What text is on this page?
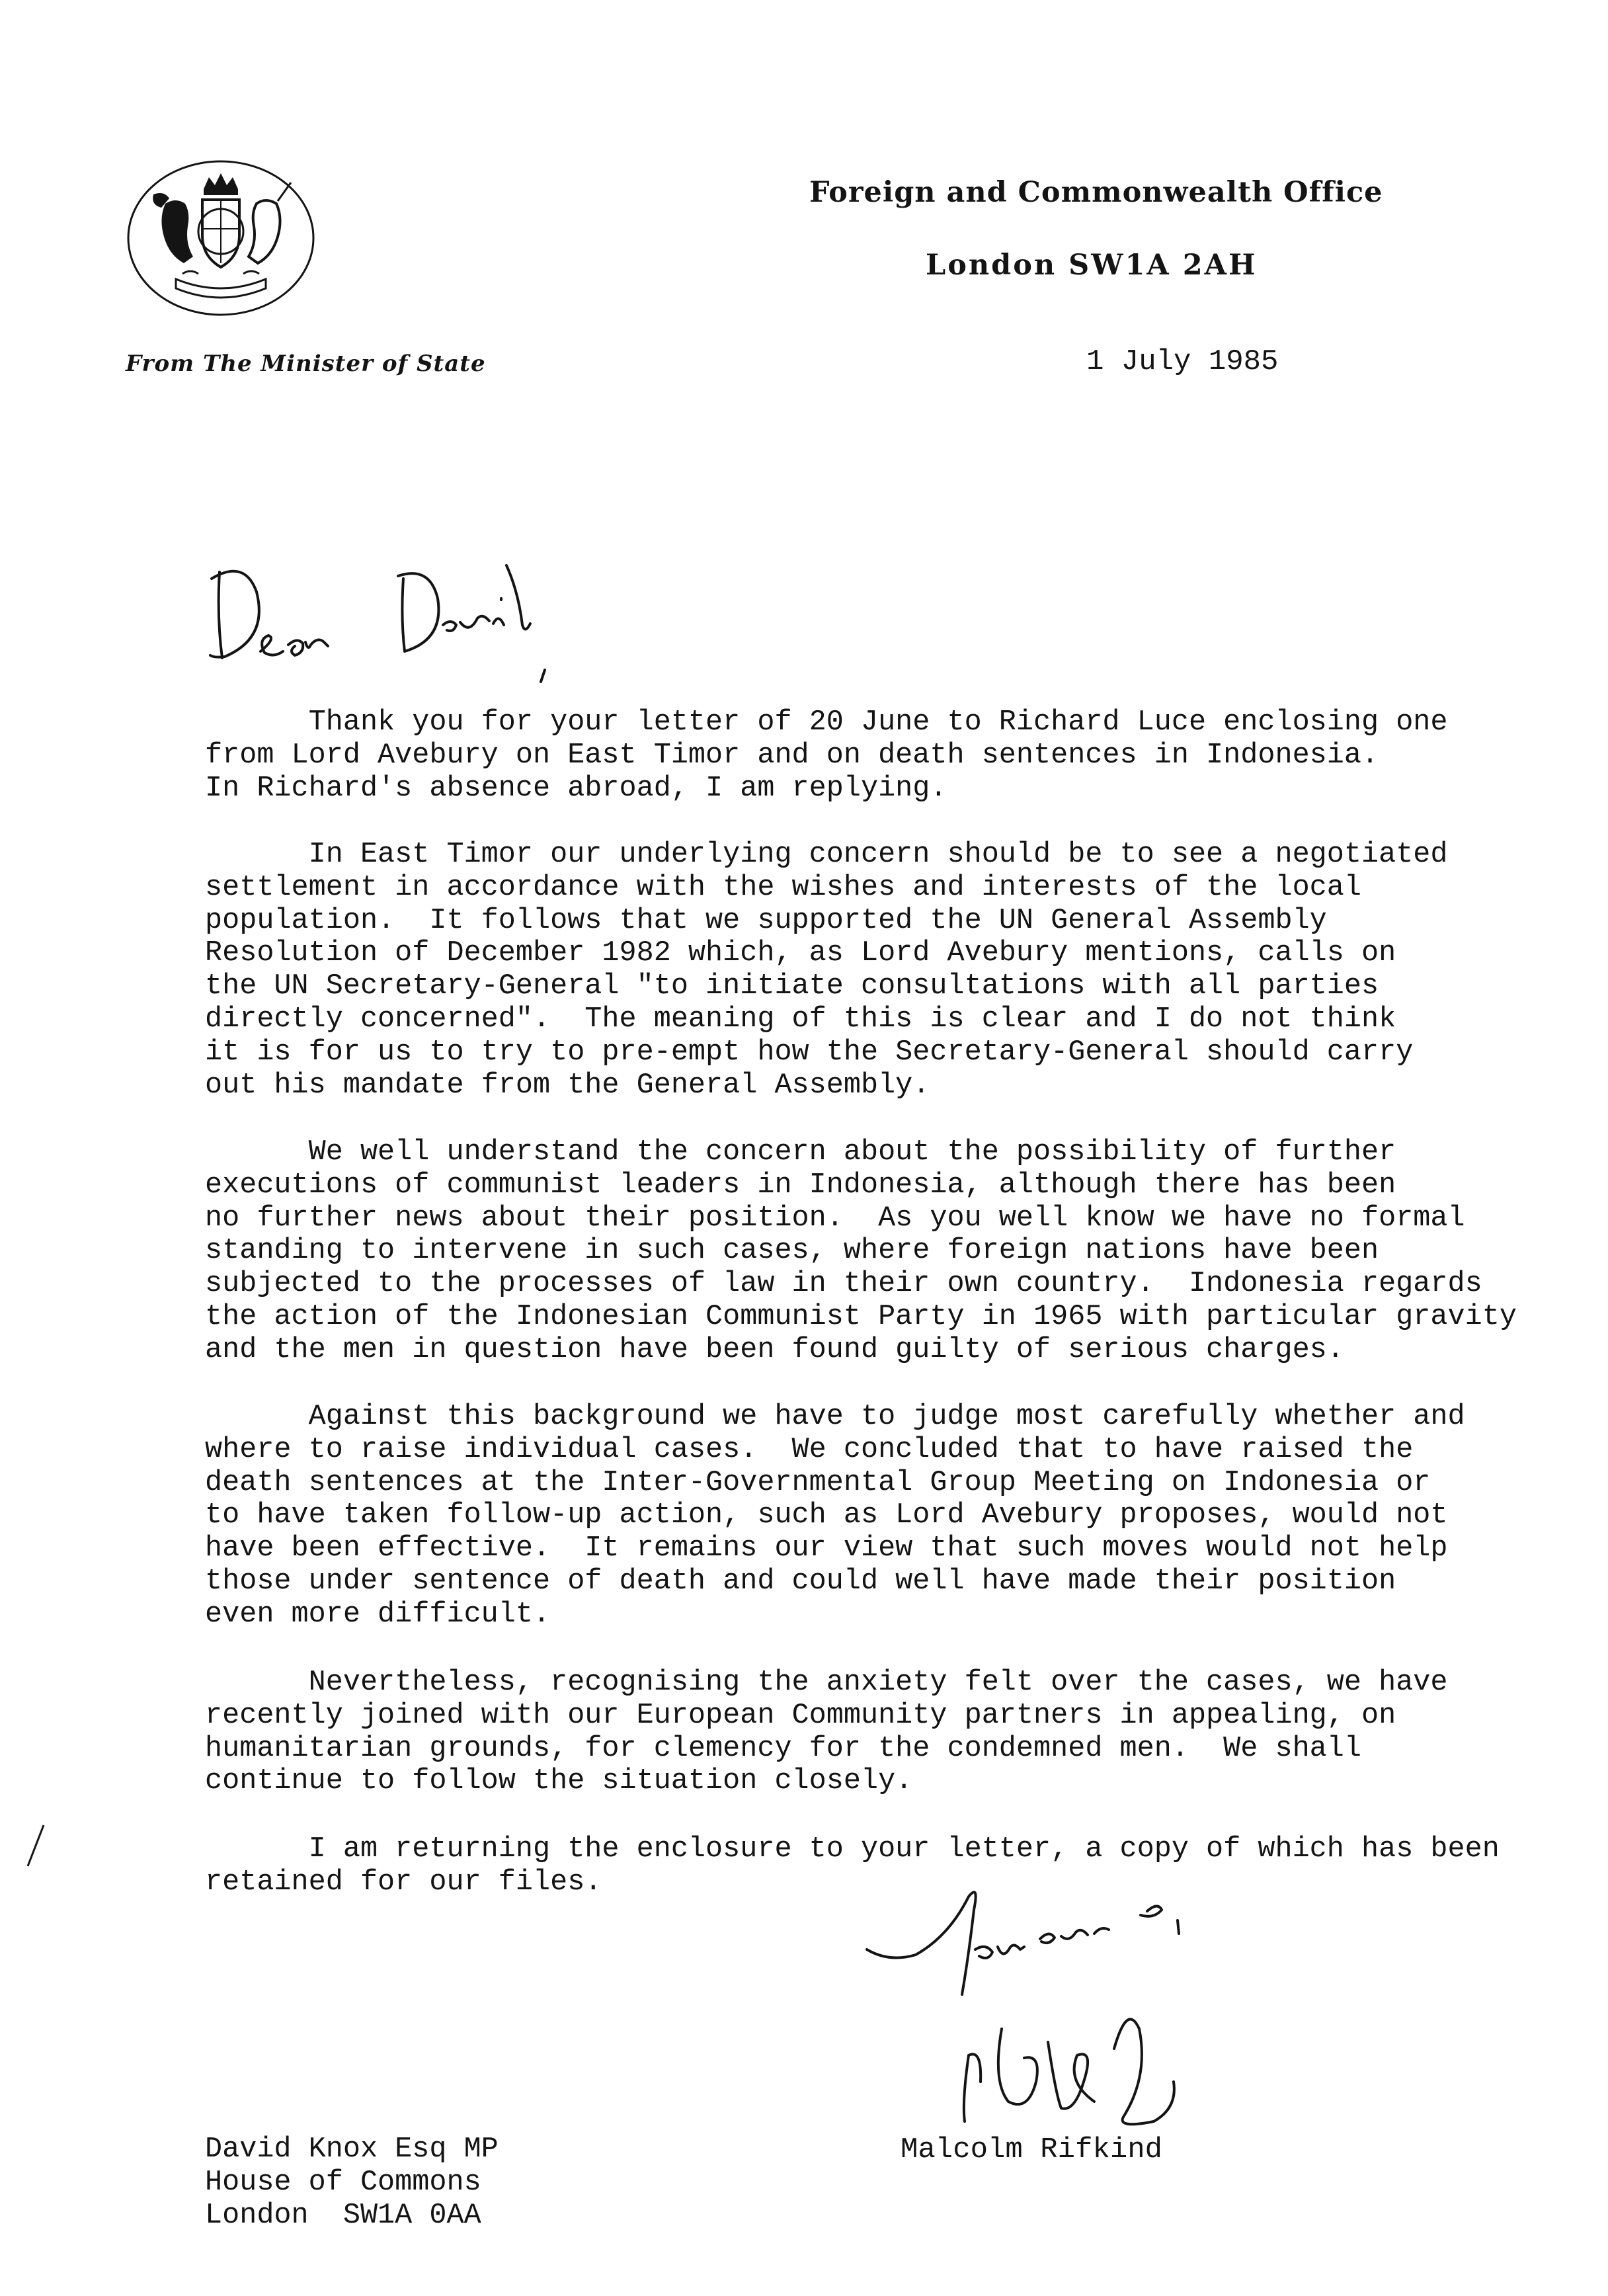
Foreign and Commonwealth Office
London SW1A 2AH
From The Minister of State	1 July 1985

Thank you for your letter of 20 June to Richard Luce enclosing one
from Lord Avebury on East Timor and on death sentences in Indonesia.
In Richard's absence abroad, I am replying.

In East Timor our underlying concern should be to see a negotiated
settlement in accordance with the wishes and interests of the local
population.  It follows that we supported the UN General Assembly
Resolution of December 1982 which, as Lord Avebury mentions, calls on
the UN Secretary-General "to initiate consultations with all parties
directly concerned".  The meaning of this is clear and I do not think
it is for us to try to pre-empt how the Secretary-General should carry
out his mandate from the General Assembly.

We well understand the concern about the possibility of further
executions of communist leaders in Indonesia, although there has been
no further news about their position.  As you well know we have no formal
standing to intervene in such cases, where foreign nations have been
subjected to the processes of law in their own country.  Indonesia regards
the action of the Indonesian Communist Party in 1965 with particular gravity
and the men in question have been found guilty of serious charges.

Against this background we have to judge most carefully whether and
where to raise individual cases.  We concluded that to have raised the
death sentences at the Inter-Governmental Group Meeting on Indonesia or
to have taken follow-up action, such as Lord Avebury proposes, would not
have been effective.  It remains our view that such moves would not help
those under sentence of death and could well have made their position
even more difficult.

Nevertheless, recognising the anxiety felt over the cases, we have
recently joined with our European Community partners in appealing, on
humanitarian grounds, for clemency for the condemned men.  We shall
continue to follow the situation closely.

I am returning the enclosure to your letter, a copy of which has been
retained for our files.

Malcolm Rifkind

David Knox Esq MP
House of Commons
London  SW1A 0AA
